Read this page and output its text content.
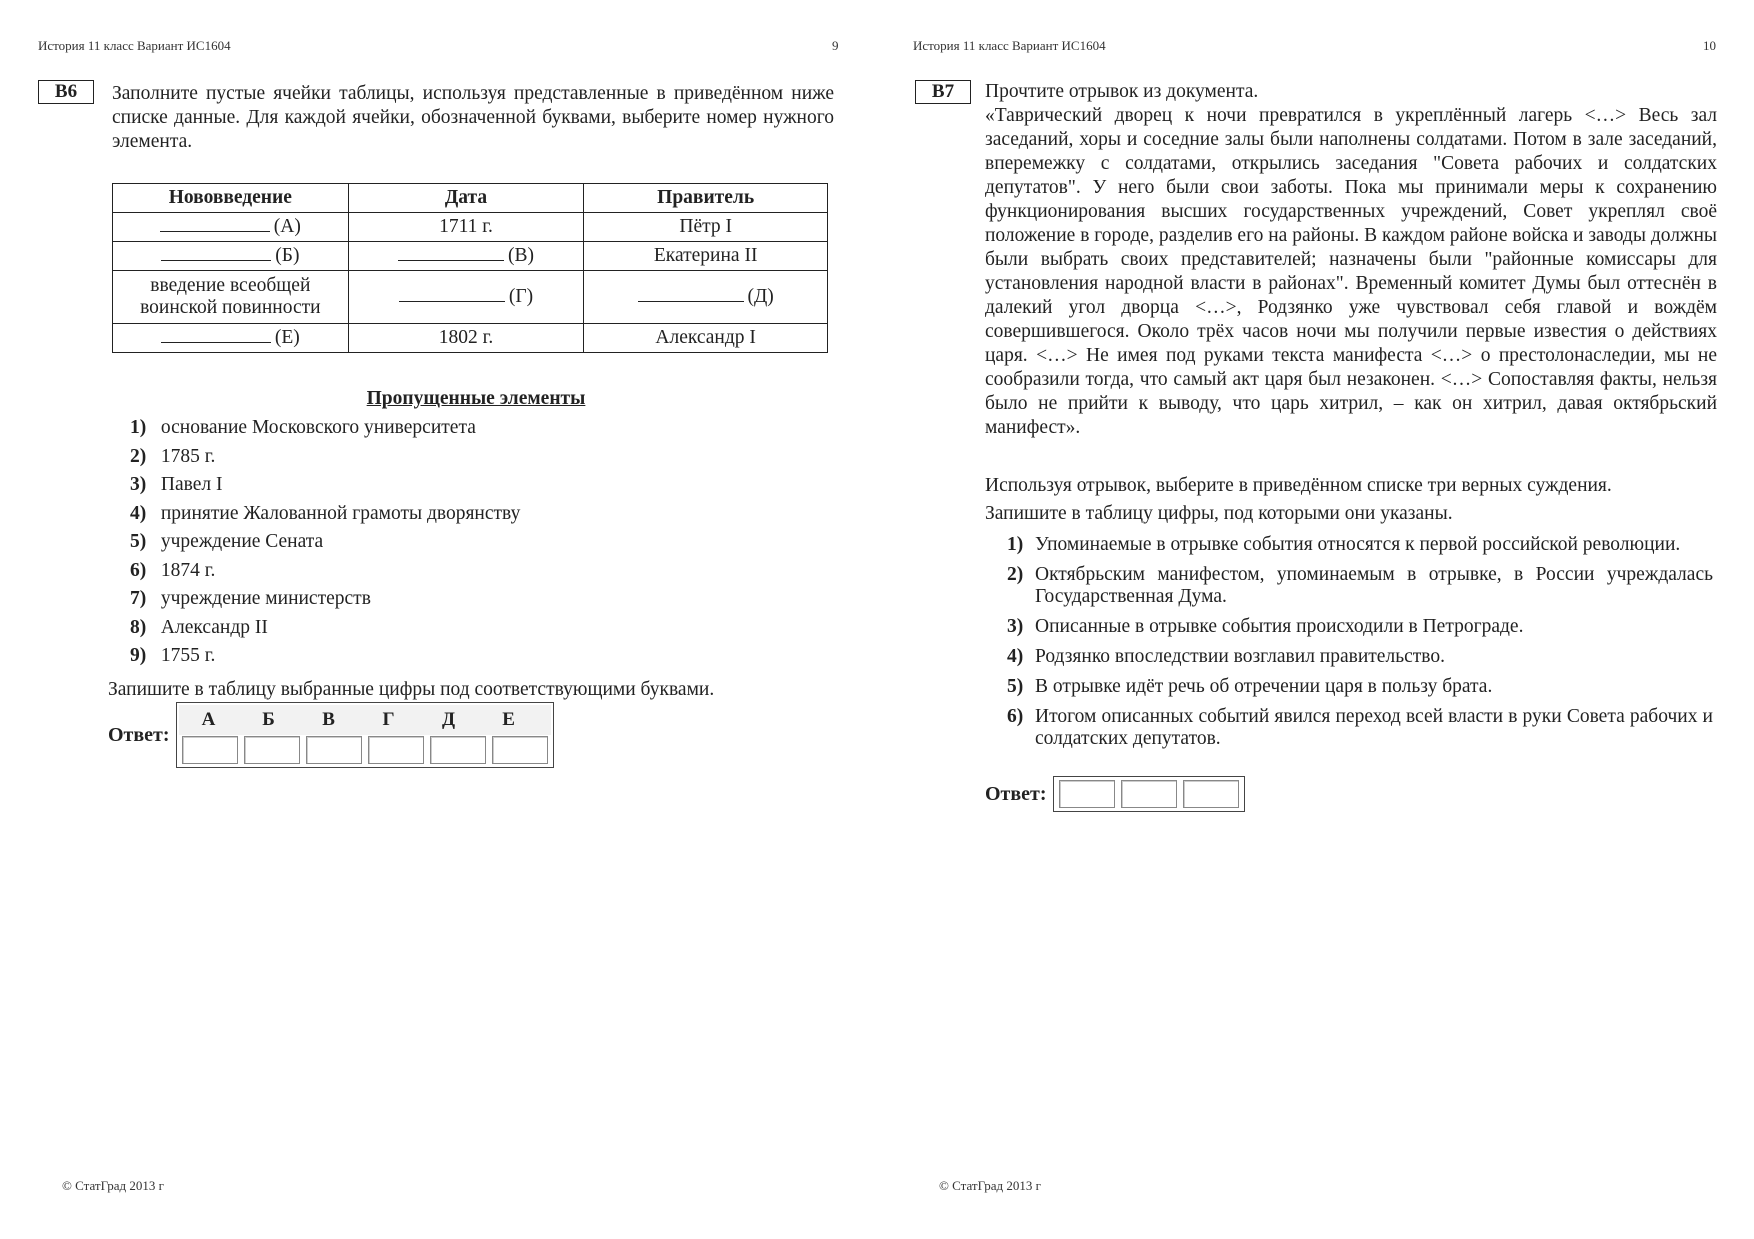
История 11 класс Вариант ИС1604	9
В6	Заполните пустые ячейки таблицы, используя представленные в приведённом ниже списке данные. Для каждой ячейки, обозначенной буквами, выберите номер нужного элемента.
Нововведение	Дата	Правитель
(А)	1711 г.	Пётр I
(Б)	(В)	Екатерина II
введение всеобщей воинской повинности	(Г)	(Д)
(Е)	1802 г.	Александр I
Пропущенные элементы
1) основание Московского университета
2) 1785 г.
3) Павел I
4) принятие Жалованной грамоты дворянству
5) учреждение Сената
6) 1874 г.
7) учреждение министерств
8) Александр II
9) 1755 г.
Запишите в таблицу выбранные цифры под соответствующими буквами.
Ответ:
А	Б	В	Г	Д	Е
© СтатГрад 2013 г
История 11 класс Вариант ИС1604	10
В7	Прочтите отрывок из документа.
«Таврический дворец к ночи превратился в укреплённый лагерь <…> Весь зал заседаний, хоры и соседние залы были наполнены солдатами. Потом в зале заседаний, вперемежку с солдатами, открылись заседания "Совета рабочих и солдатских депутатов". У него были свои заботы. Пока мы принимали меры к сохранению функционирования высших государственных учреждений, Совет укреплял своё положение в городе, разделив его на районы. В каждом районе войска и заводы должны были выбрать своих представителей; назначены были "районные комиссары для установления народной власти в районах". Временный комитет Думы был оттеснён в далекий угол дворца <…>, Родзянко уже чувствовал себя главой и вождём совершившегося. Около трёх часов ночи мы получили первые известия о действиях царя. <…> Не имея под руками текста манифеста <…> о престолонаследии, мы не сообразили тогда, что самый акт царя был незаконен. <…> Сопоставляя факты, нельзя было не прийти к выводу, что царь хитрил, – как он хитрил, давая октябрьский манифест».
Используя отрывок, выберите в приведённом списке три верных суждения.
Запишите в таблицу цифры, под которыми они указаны.
1) Упоминаемые в отрывке события относятся к первой российской революции.
2) Октябрьским манифестом, упоминаемым в отрывке, в России учреждалась Государственная Дума.
3) Описанные в отрывке события происходили в Петрограде.
4) Родзянко впоследствии возглавил правительство.
5) В отрывке идёт речь об отречении царя в пользу брата.
6) Итогом описанных событий явился переход всей власти в руки Совета рабочих и солдатских депутатов.
Ответ:
© СтатГрад 2013 г
